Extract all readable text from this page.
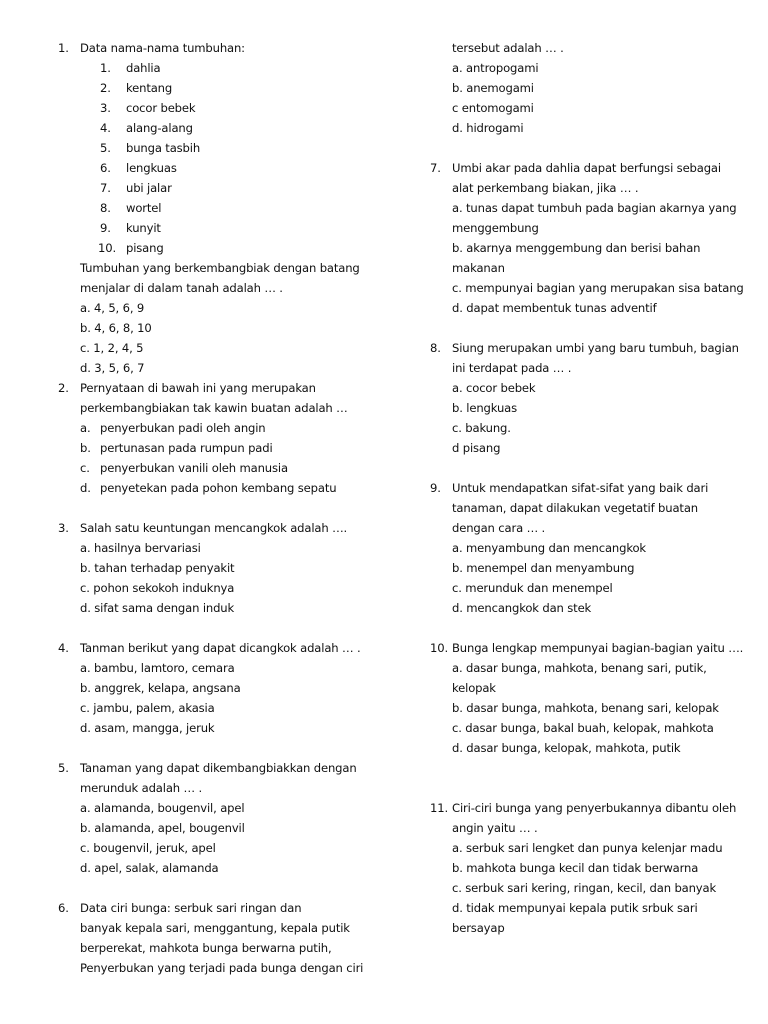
1. Data nama-nama tumbuhan:
1. dahlia
2. kentang
3. cocor bebek
4. alang-alang
5. bunga tasbih
6. lengkuas
7. ubi jalar
8. wortel
9. kunyit
10. pisang
Tumbuhan yang berkembangbiak dengan batang
menjalar di dalam tanah adalah … .
a. 4, 5, 6, 9
b. 4, 6, 8, 10
c. 1, 2, 4, 5
d. 3, 5, 6, 7
2. Pernyataan di bawah ini yang merupakan
perkembangbiakan tak kawin buatan adalah …
a. penyerbukan padi oleh angin
b. pertunasan pada rumpun padi
c. penyerbukan vanili oleh manusia
d. penyetekan pada pohon kembang sepatu
3. Salah satu keuntungan mencangkok adalah ….
a. hasilnya bervariasi
b. tahan terhadap penyakit
c. pohon sekokoh induknya
d. sifat sama dengan induk
4. Tanman berikut yang dapat dicangkok adalah … .
a. bambu, lamtoro, cemara
b. anggrek, kelapa, angsana
c. jambu, palem, akasia
d. asam, mangga, jeruk
5. Tanaman yang dapat dikembangbiakkan dengan
merunduk adalah … .
a. alamanda, bougenvil, apel
b. alamanda, apel, bougenvil
c. bougenvil, jeruk, apel
d. apel, salak, alamanda
6. Data ciri bunga: serbuk sari ringan dan
banyak kepala sari, menggantung, kepala putik
berperekat, mahkota bunga berwarna putih,
Penyerbukan yang terjadi pada bunga dengan ciri
tersebut adalah … .
a. antropogami
b. anemogami
c entomogami
d. hidrogami
7. Umbi akar pada dahlia dapat berfungsi sebagai
alat perkembang biakan, jika … .
a. tunas dapat tumbuh pada bagian akarnya yang
menggembung
b. akarnya menggembung dan berisi bahan
makanan
c. mempunyai bagian yang merupakan sisa batang
d. dapat membentuk tunas adventif
8. Siung merupakan umbi yang baru tumbuh, bagian
ini terdapat pada … .
a. cocor bebek
b. lengkuas
c. bakung.
d pisang
9. Untuk mendapatkan sifat-sifat yang baik dari
tanaman, dapat dilakukan vegetatif buatan
dengan cara … .
a. menyambung dan mencangkok
b. menempel dan menyambung
c. merunduk dan menempel
d. mencangkok dan stek
10. Bunga lengkap mempunyai bagian-bagian yaitu ….
a. dasar bunga, mahkota, benang sari, putik,
kelopak
b. dasar bunga, mahkota, benang sari, kelopak
c. dasar bunga, bakal buah, kelopak, mahkota
d. dasar bunga, kelopak, mahkota, putik
11. Ciri-ciri bunga yang penyerbukannya dibantu oleh
angin yaitu … .
a. serbuk sari lengket dan punya kelenjar madu
b. mahkota bunga kecil dan tidak berwarna
c. serbuk sari kering, ringan, kecil, dan banyak
d. tidak mempunyai kepala putik srbuk sari
bersayap
